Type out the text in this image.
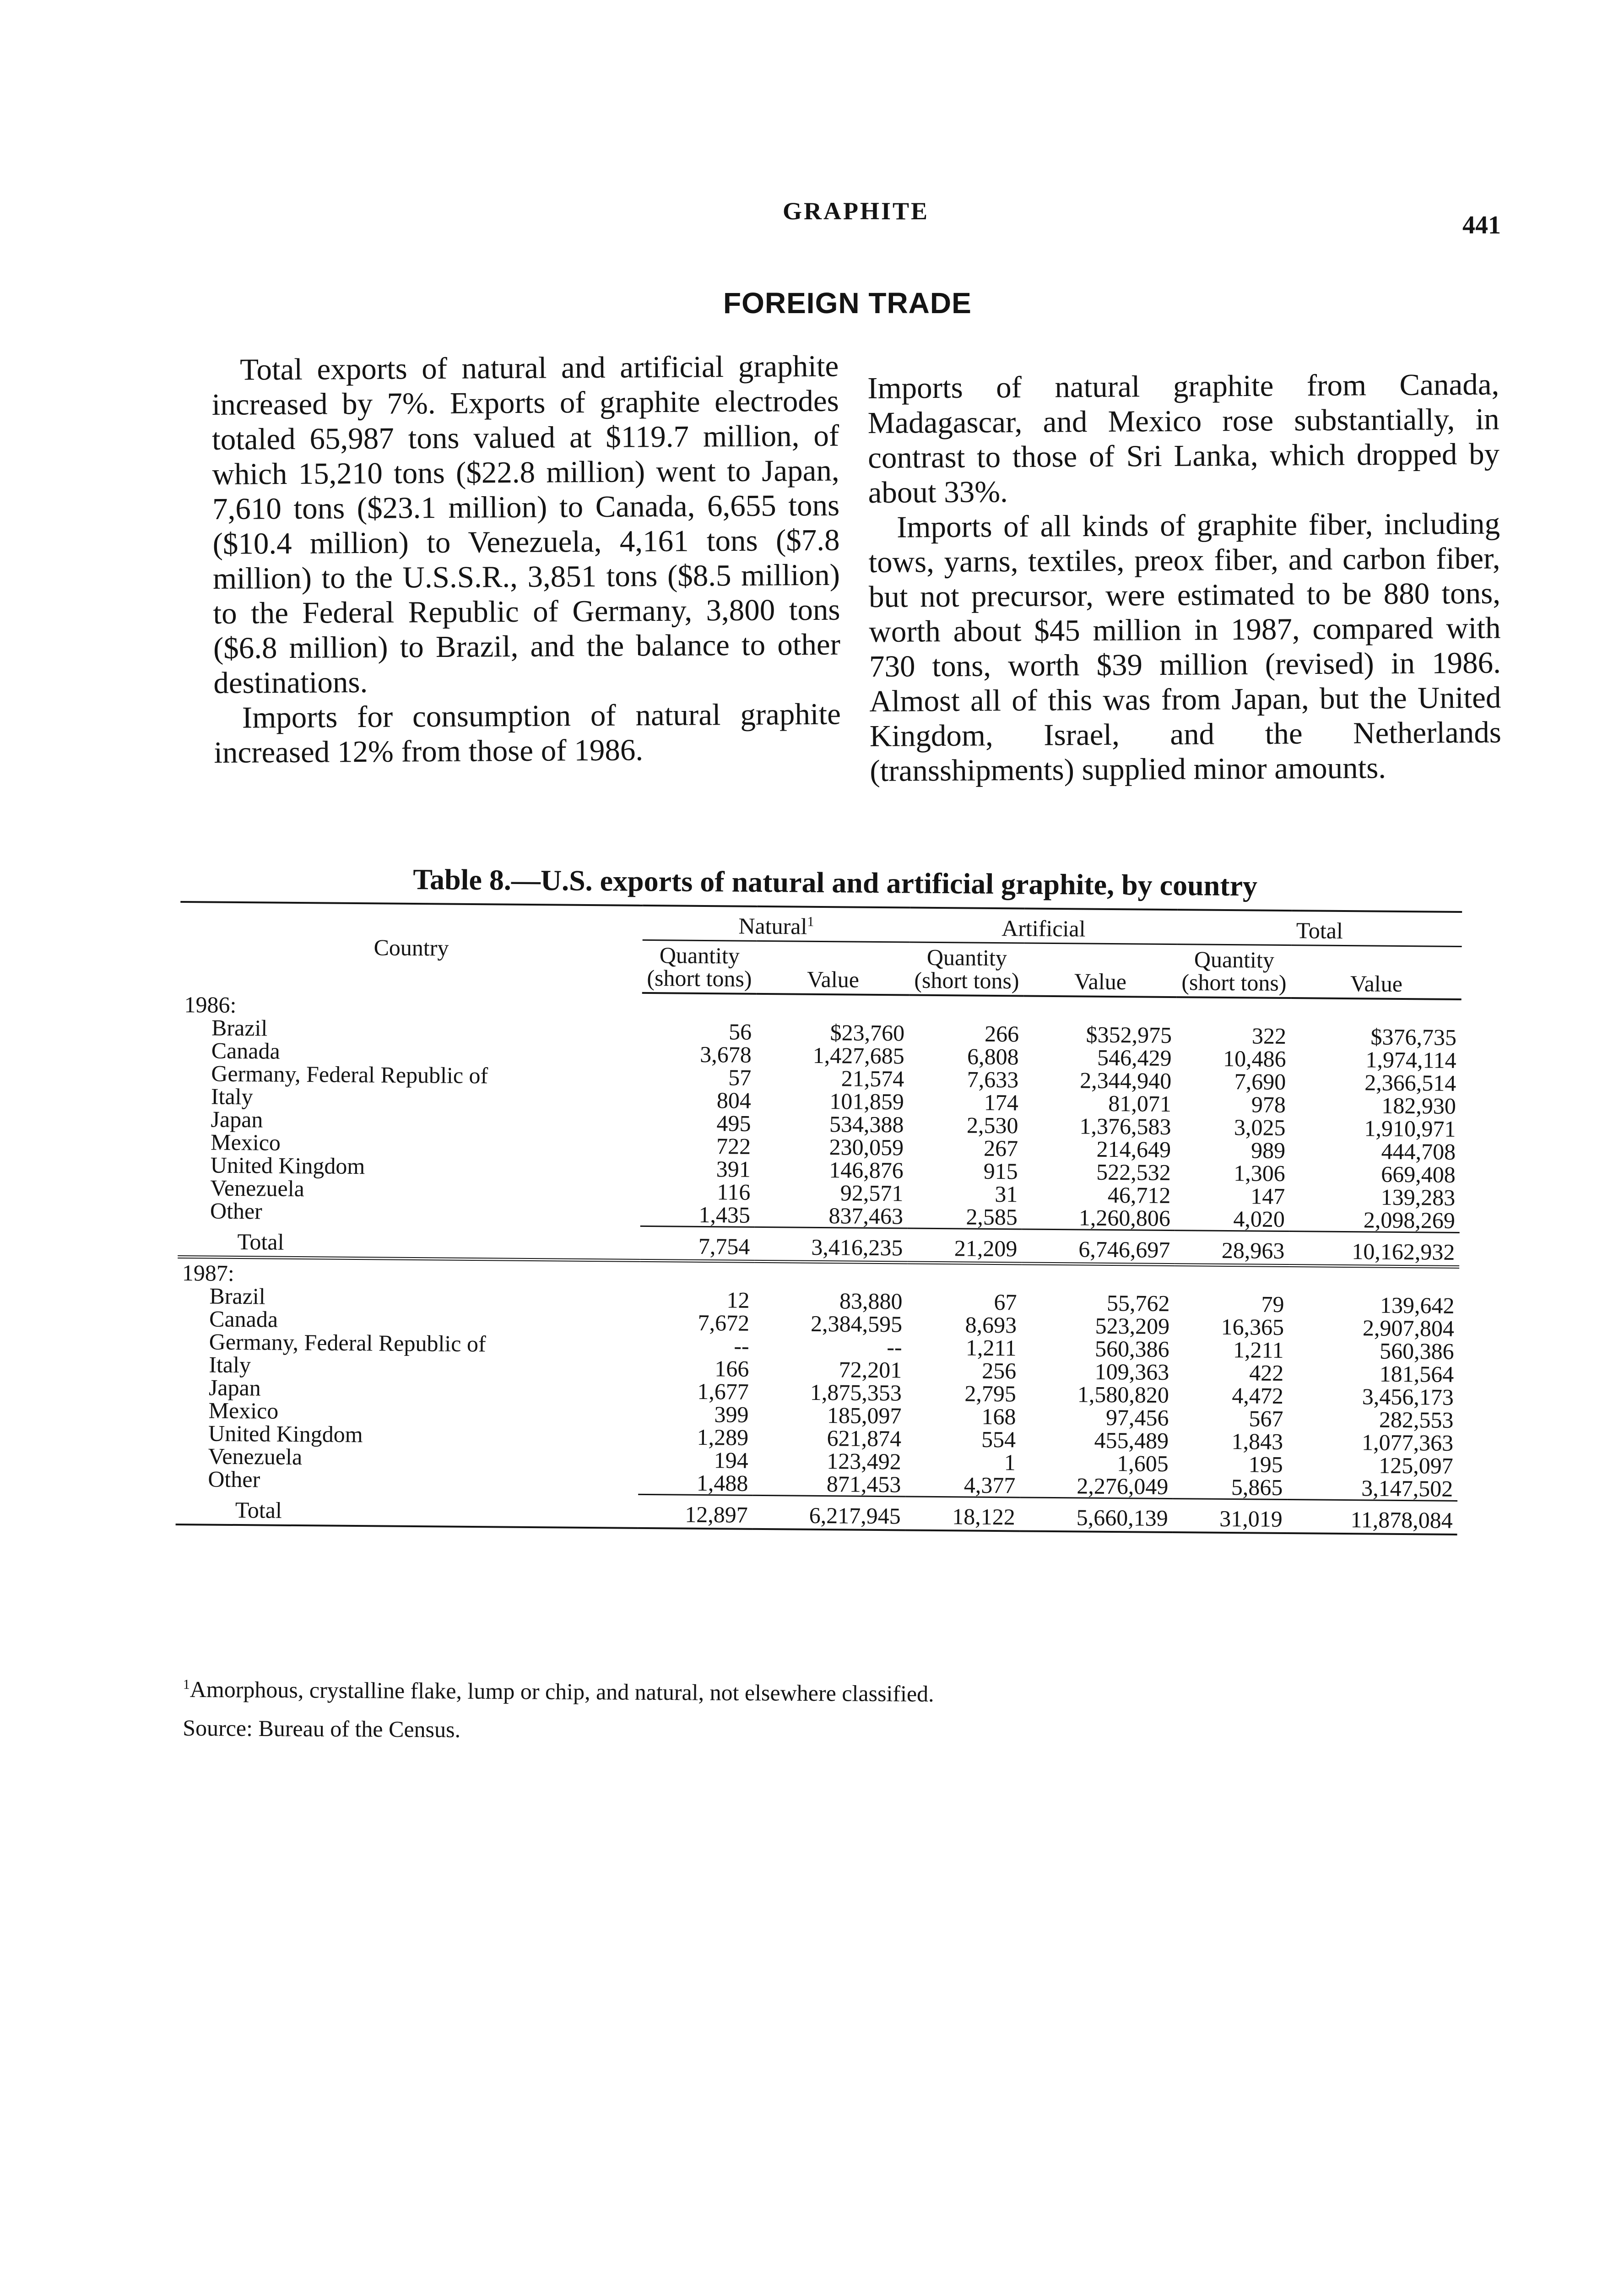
GRAPHITE	441
FOREIGN TRADE

Total exports of natural and artificial graphite increased by 7%. Exports of graphite electrodes totaled 65,987 tons valued at $119.7 million, of which 15,210 tons ($22.8 million) went to Japan, 7,610 tons ($23.1 million) to Canada, 6,655 tons ($10.4 million) to Venezuela, 4,161 tons ($7.8 million) to the U.S.S.R., 3,851 tons ($8.5 million) to the Federal Republic of Germany, 3,800 tons ($6.8 million) to Brazil, and the balance to other destinations.

Imports for consumption of natural graphite increased 12% from those of 1986.

Imports of natural graphite from Canada, Madagascar, and Mexico rose substantially, in contrast to those of Sri Lanka, which dropped by about 33%.

Imports of all kinds of graphite fiber, including tows, yarns, textiles, preox fiber, and carbon fiber, but not precursor, were estimated to be 880 tons, worth about $45 million in 1987, compared with 730 tons, worth $39 million (revised) in 1986. Almost all of this was from Japan, but the United Kingdom, Israel, and the Netherlands (transshipments) supplied minor amounts.

Table 8.—U.S. exports of natural and artificial graphite, by country
Country	Natural$^1$		Artificial		Total	
	Quantity (short tons)	Value	Quantity (short tons)	Value	Quantity (short tons)	Value
1986:						
Brazil	56	$23,760	266	$352,975	322	$376,735
Canada	3,678	1,427,685	6,808	546,429	10,486	1,974,114
Germany, Federal Republic of	57	21,574	7,633	2,344,940	7,690	2,366,514
Italy	804	101,859	174	81,071	978	182,930
Japan	495	534,388	2,530	1,376,583	3,025	1,910,971
Mexico	722	230,059	267	214,649	989	444,708
United Kingdom	391	146,876	915	522,532	1,306	669,408
Venezuela	116	92,571	31	46,712	147	139,283
Other	1,435	837,463	2,585	1,260,806	4,020	2,098,269
Total	7,754	3,416,235	21,209	6,746,697	28,963	10,162,932
1987:						
Brazil	12	83,880	67	55,762	79	139,642
Canada	7,672	2,384,595	8,693	523,209	16,365	2,907,804
Germany, Federal Republic of	--	--	1,211	560,386	1,211	560,386
Italy	166	72,201	256	109,363	422	181,564
Japan	1,677	1,875,353	2,795	1,580,820	4,472	3,456,173
Mexico	399	185,097	168	97,456	567	282,553
United Kingdom	1,289	621,874	554	455,489	1,843	1,077,363
Venezuela	194	123,492	1	1,605	195	125,097
Other	1,488	871,453	4,377	2,276,049	5,865	3,147,502
Total	12,897	6,217,945	18,122	5,660,139	31,019	11,878,084

$^1$Amorphous, crystalline flake, lump or chip, and natural, not elsewhere classified.

Source: Bureau of the Census.
